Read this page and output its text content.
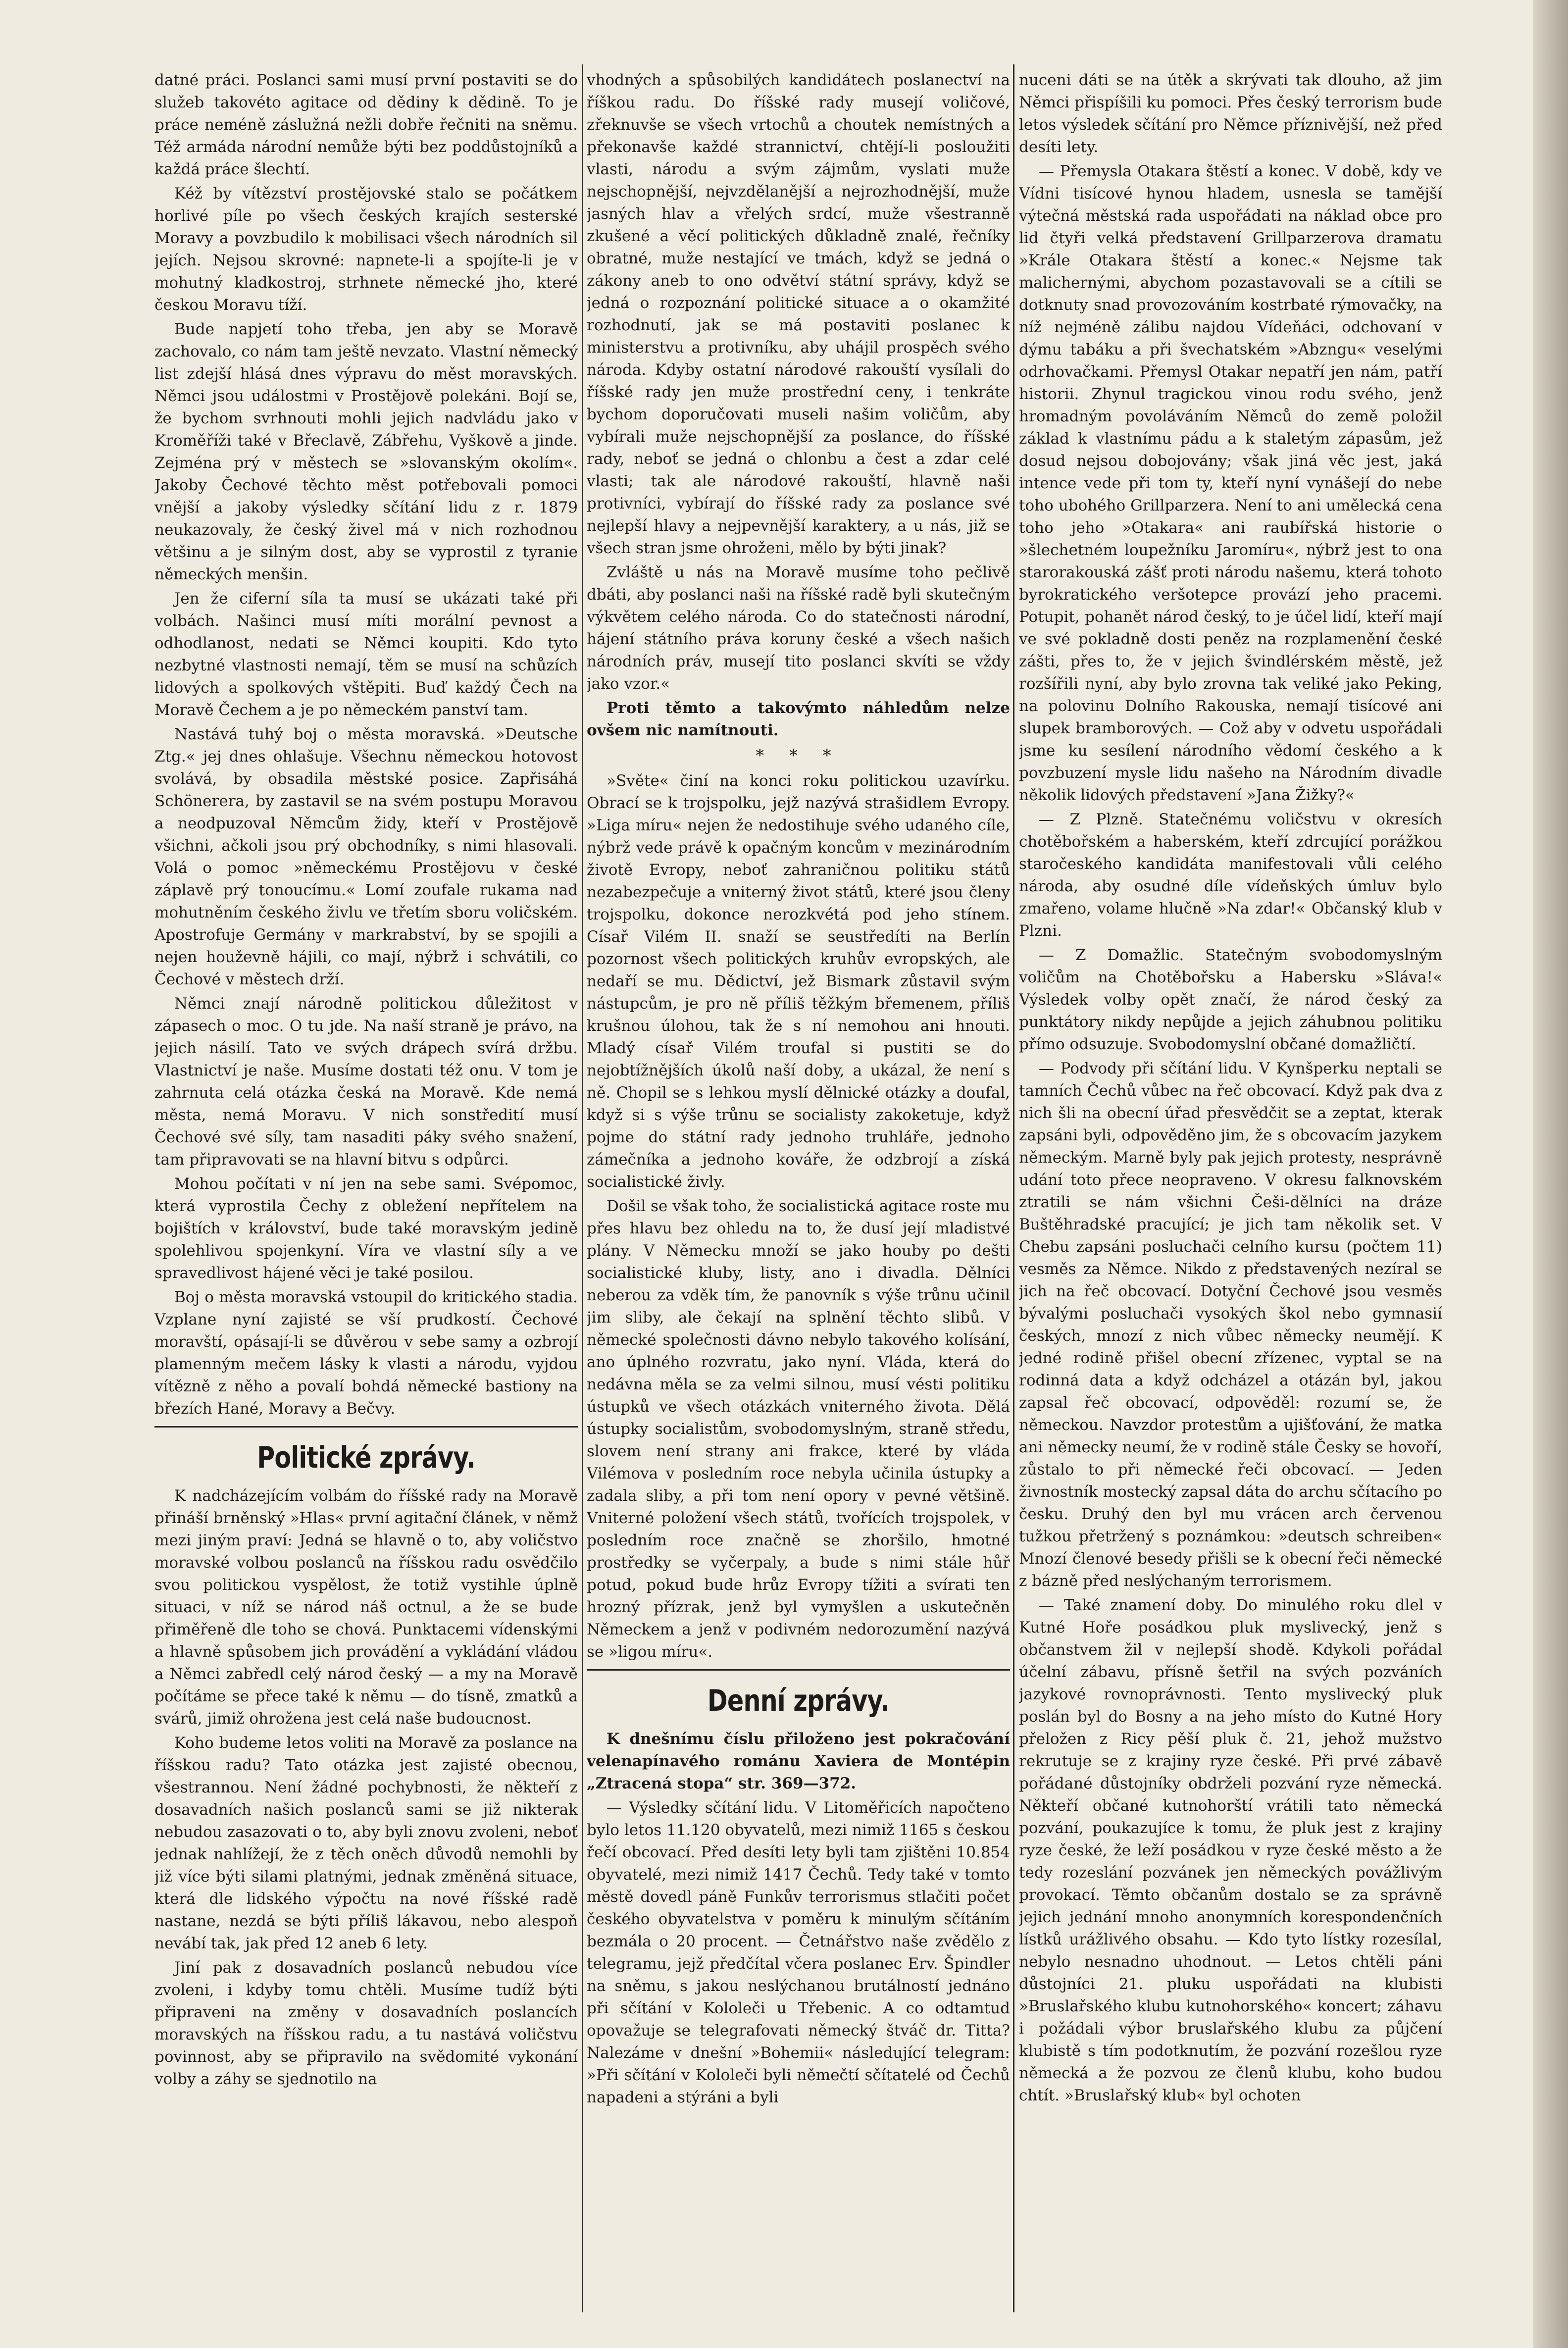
datné práci. Poslanci sami musí první postaviti se do služeb takovéto agitace od dědiny k dědině. To je práce neméně záslužná nežli dobře řečniti na sněmu. Též armáda národní nemůže býti bez poddůstojníků a každá práce šlechtí.

Kéž by vítězství prostějovské stalo se počátkem horlivé píle po všech českých krajích sesterské Moravy a povzbudilo k mobilisaci všech národních sil jejích. Nejsou skrovné: napnete-li a spojíte-li je v mohutný kladkostroj, strhnete německé jho, které českou Moravu tíží.

Bude napjetí toho třeba, jen aby se Moravě zachovalo, co nám tam ještě nevzato. Vlastní německý list zdejší hlásá dnes výpravu do měst moravských. Němci jsou událostmi v Prostějově polekáni. Bojí se, že bychom svrhnouti mohli jejich nadvládu jako v Kroměříži také v Břeclavě, Zábřehu, Vyškově a jinde. Zejména prý v městech se »slovanským okolím«. Jakoby Čechové těchto měst potřebovali pomoci vnější a jakoby výsledky sčítání lidu z r. 1879 neukazovaly, že český živel má v nich rozhodnou většinu a je silným dost, aby se vyprostil z tyranie německých menšin.

Jen že ciferní síla ta musí se ukázati také při volbách. Našinci musí míti morální pevnost a odhodlanost, nedati se Němci koupiti. Kdo tyto nezbytné vlastnosti nemají, těm se musí na schůzích lidových a spolkových vštěpiti. Buď každý Čech na Moravě Čechem a je po německém panství tam.

Nastává tuhý boj o města moravská. »Deutsche Ztg.« jej dnes ohlašuje. Všechnu německou hotovost svolává, by obsadila městské posice. Zapřisáhá Schönerera, by zastavil se na svém postupu Moravou a neodpuzoval Němcům židy, kteří v Prostějově všichni, ačkoli jsou prý obchodníky, s nimi hlasovali. Volá o pomoc »německému Prostějovu v české záplavě prý tonoucímu.« Lomí zoufale rukama nad mohutněním českého živlu ve třetím sboru voličském. Apostrofuje Germány v markrabství, by se spojili a nejen houževně hájili, co mají, nýbrž i schvátili, co Čechové v městech drží.

Němci znají národně politickou důležitost v zápasech o moc. O tu jde. Na naší straně je právo, na jejich násilí. Tato ve svých drápech svírá držbu. Vlastnictví je naše. Musíme dostati též onu. V tom je zahrnuta celá otázka česká na Moravě. Kde nemá města, nemá Moravu. V nich sonstředití musí Čechové své síly, tam nasaditi páky svého snažení, tam připravovati se na hlavní bitvu s odpůrci.

Mohou počítati v ní jen na sebe sami. Svépomoc, která vyprostila Čechy z obležení nepřítelem na bojištích v království, bude také moravským jedině spolehlivou spojenkyní. Víra ve vlastní síly a ve spravedlivost hájené věci je také posilou.

Boj o města moravská vstoupil do kritického stadia. Vzplane nyní zajisté se vší prudkostí. Čechové moravští, opásají-li se důvěrou v sebe samy a ozbrojí plamenným mečem lásky k vlasti a národu, vyjdou vítězně z něho a povalí bohdá německé bastiony na březích Hané, Moravy a Bečvy.

Politické zprávy.

K nadcházejícím volbám do říšské rady na Moravě přináší brněnský »Hlas« první agitační článek, v němž mezi jiným praví: Jedná se hlavně o to, aby voličstvo moravské volbou poslanců na říšskou radu osvědčilo svou politickou vyspělost, že totiž vystihle úplně situaci, v níž se národ náš octnul, a že se bude přiměřeně dle toho se chová. Punktacemi vídenskými a hlavně spůsobem jich provádění a vykládání vládou a Němci zabředl celý národ český — a my na Moravě počítáme se přece také k němu — do tísně, zmatků a svárů, jimiž ohrožena jest celá naše budoucnost.

Koho budeme letos voliti na Moravě za poslance na říšskou radu? Tato otázka jest zajisté obecnou, všestrannou. Není žádné pochybnosti, že někteří z dosavadních našich poslanců sami se již nikterak nebudou zasazovati o to, aby byli znovu zvoleni, neboť jednak nahlížejí, že z těch oněch důvodů nemohli by již více býti silami platnými, jednak změněná situace, která dle lidského výpočtu na nové říšské radě nastane, nezdá se býti příliš lákavou, nebo alespoň nevábí tak, jak před 12 aneb 6 lety.

Jiní pak z dosavadních poslanců nebudou více zvoleni, i kdyby tomu chtěli. Musíme tudíž býti připraveni na změny v dosavadních poslancích moravských na říšskou radu, a tu nastává voličstvu povinnost, aby se připravilo na svědomité vykonání volby a záhy se sjednotilo na

vhodných a spůsobilých kandidátech poslanectví na říškou radu. Do říšské rady musejí voličové, zřeknuvše se všech vrtochů a choutek nemístných a překonavše každé strannictví, chtějí-li posloužiti vlasti, národu a svým zájmům, vyslati muže nejschopnější, nejvzdělanější a nejrozhodnější, muže jasných hlav a vřelých srdcí, muže všestranně zkušené a věcí politických důkladně znalé, řečníky obratné, muže nestající ve tmách, když se jedná o zákony aneb to ono odvětví státní správy, když se jedná o rozpoznání politické situace a o okamžité rozhodnutí, jak se má postaviti poslanec k ministerstvu a protivníku, aby uhájil prospěch svého národa. Kdyby ostatní národové rakouští vysílali do říšské rady jen muže prostřední ceny, i tenkráte bychom doporučovati museli našim voličům, aby vybírali muže nejschopnější za poslance, do říšské rady, neboť se jedná o chlonbu a čest a zdar celé vlasti; tak ale národové rakouští, hlavně naši protivníci, vybírají do říšské rady za poslance své nejlepší hlavy a nejpevnější karaktery, a u nás, již se všech stran jsme ohroženi, mělo by býti jinak?

Zvláště u nás na Moravě musíme toho pečlivě dbáti, aby poslanci naši na říšské radě byli skutečným výkvětem celého národa. Co do statečnosti národní, hájení státního práva koruny české a všech našich národních práv, musejí tito poslanci skvíti se vždy jako vzor.«

Proti těmto a takovýmto náhledům nelze ovšem nic namítnouti.

* * *

»Světe« činí na konci roku politickou uzavírku. Obrací se k trojspolku, jejž nazývá strašidlem Evropy. »Liga míru« nejen že nedostihuje svého udaného cíle, nýbrž vede právě k opačným koncům v mezinárodním životě Evropy, neboť zahraničnou politiku států nezabezpečuje a vniterný život států, které jsou členy trojspolku, dokonce nerozkvétá pod jeho stínem. Císař Vilém II. snaží se seustředíti na Berlín pozornost všech politických kruhův evropských, ale nedaří se mu. Dědictví, jež Bismark zůstavil svým nástupcům, je pro ně příliš těžkým břemenem, příliš krušnou úlohou, tak že s ní nemohou ani hnouti. Mladý císař Vilém troufal si pustiti se do nejobtížnějších úkolů naší doby, a ukázal, že není s ně. Chopil se s lehkou myslí dělnické otázky a doufal, když si s výše trůnu se socialisty zakoketuje, když pojme do státní rady jednoho truhláře, jednoho zámečníka a jednoho kováře, že odzbrojí a získá socialistické živly.

Došil se však toho, že socialistická agitace roste mu přes hlavu bez ohledu na to, že dusí její mladistvé plány. V Německu množí se jako houby po dešti socialistické kluby, listy, ano i divadla. Dělníci neberou za vděk tím, že panovník s výše trůnu učinil jim sliby, ale čekají na splnění těchto slibů. V německé společnosti dávno nebylo takového kolísání, ano úplného rozvratu, jako nyní. Vláda, která do nedávna měla se za velmi silnou, musí vésti politiku ústupků ve všech otázkách vniterného života. Dělá ústupky socialistům, svobodomyslným, straně středu, slovem není strany ani frakce, které by vláda Vilémova v posledním roce nebyla učinila ústupky a zadala sliby, a při tom není opory v pevné většině. Vniterné položení všech států, tvořících trojspolek, v posledním roce značně se zhoršilo, hmotné prostředky se vyčerpaly, a bude s nimi stále hůř potud, pokud bude hrůz Evropy tížiti a svírati ten hrozný přízrak, jenž byl vymyšlen a uskutečněn Německem a jenž v podivném nedorozumění nazývá se »ligou míru«.

Denní zprávy.

K dnešnímu číslu přiloženo jest pokračování velenapínavého románu Xaviera de Montépin „Ztracená stopa“ str. 369—372.

— Výsledky sčítání lidu. V Litoměřicích napočteno bylo letos 11.120 obyvatelů, mezi nimiž 1165 s českou řečí obcovací. Před desíti lety byli tam zjištěni 10.854 obyvatelé, mezi nimiž 1417 Čechů. Tedy také v tomto městě dovedl páně Funkův terrorismus stlačiti počet českého obyvatelstva v poměru k minulým sčítáním bezmála o 20 procent. — Četnářstvo naše zvědělo z telegramu, jejž předčítal včera poslanec Erv. Špindler na sněmu, s jakou neslýchanou brutálností jednáno při sčítání v Kololeči u Třebenic. A co odtamtud opovažuje se telegrafovati německý štváč dr. Titta? Nalezáme v dnešní »Bohemii« následující telegram: »Při sčítání v Kololeči byli němečtí sčítatelé od Čechů napadeni a stýráni a byli

nuceni dáti se na útěk a skrývati tak dlouho, až jim Němci přispíšili ku pomoci. Přes český terrorism bude letos výsledek sčítání pro Němce příznivější, než před desíti lety.

— Přemysla Otakara štěstí a konec. V době, kdy ve Vídni tisícové hynou hladem, usnesla se tamější výtečná městská rada uspořádati na náklad obce pro lid čtyři velká představení Grillparzerova dramatu »Krále Otakara štěstí a konec.« Nejsme tak malichernými, abychom pozastavovali se a cítili se dotknuty snad provozováním kostrbaté rýmovačky, na níž nejméně zálibu najdou Vídeňáci, odchovaní v dýmu tabáku a při švechatském »Abzngu« veselými odrhovačkami. Přemysl Otakar nepatří jen nám, patří historii. Zhynul tragickou vinou rodu svého, jenž hromadným povoláváním Němců do země položil základ k vlastnímu pádu a k staletým zápasům, jež dosud nejsou dobojovány; však jiná věc jest, jaká intence vede při tom ty, kteří nyní vynášejí do nebe toho ubohého Grillparzera. Není to ani umělecká cena toho jeho »Otakara« ani raubířská historie o »šlechetném loupežníku Jaromíru«, nýbrž jest to ona starorakouská zášť proti národu našemu, která tohoto byrokratického veršotepce provází jeho pracemi. Potupit, pohanět národ český, to je účel lidí, kteří mají ve své pokladně dosti peněz na rozplamenění české zášti, přes to, že v jejich švindlérském městě, jež rozšířili nyní, aby bylo zrovna tak veliké jako Peking, na polovinu Dolního Rakouska, nemají tisícové ani slupek bramborových. — Což aby v odvetu uspořádali jsme ku sesílení národního vědomí českého a k povzbuzení mysle lidu našeho na Národním divadle několik lidových představení »Jana Žižky?«

— Z Plzně. Statečnému voličstvu v okresích chotěbořském a haberském, kteří zdrcující porážkou staročeského kandidáta manifestovali vůli celého národa, aby osudné díle vídeňských úmluv bylo zmařeno, volame hlučně »Na zdar!« Občanský klub v Plzni.

— Z Domažlic. Statečným svobodomyslným voličům na Chotěbořsku a Habersku »Sláva!« Výsledek volby opět značí, že národ český za punktátory nikdy nepůjde a jejich záhubnou politiku přímo odsuzuje. Svobodomyslní občané domažličtí.

— Podvody při sčítání lidu. V Kynšperku neptali se tamních Čechů vůbec na řeč obcovací. Když pak dva z nich šli na obecní úřad přesvědčit se a zeptat, kterak zapsáni byli, odpověděno jim, že s obcovacím jazykem německým. Marně byly pak jejich protesty, nesprávně udání toto přece neopraveno. V okresu falknovském ztratili se nám všichni Češi-dělníci na dráze Buštěhradské pracující; je jich tam několik set. V Chebu zapsáni posluchači celního kursu (počtem 11) vesměs za Němce. Nikdo z představených nezíral se jich na řeč obcovací. Dotyční Čechové jsou vesměs bývalými posluchači vysokých škol nebo gymnasií českých, mnozí z nich vůbec německy neumějí. K jedné rodině přišel obecní zřízenec, vyptal se na rodinná data a když odcházel a otázán byl, jakou zapsal řeč obcovací, odpověděl: rozumí se, že německou. Navzdor protestům a ujišťování, že matka ani německy neumí, že v rodině stále Česky se hovoří, zůstalo to při německé řeči obcovací. — Jeden živnostník mostecký zapsal dáta do archu sčítacího po česku. Druhý den byl mu vrácen arch červenou tužkou přetržený s poznámkou: »deutsch schreiben« Mnozí členové besedy přišli se k obecní řeči německé z bázně před neslýchaným terrorismem.

— Také znamení doby. Do minulého roku dlel v Kutné Hoře posádkou pluk myslivecký, jenž s občanstvem žil v nejlepší shodě. Kdykoli pořádal účelní zábavu, přísně šetřil na svých pozváních jazykové rovnoprávnosti. Tento myslivecký pluk poslán byl do Bosny a na jeho místo do Kutné Hory přeložen z Ricy pěší pluk č. 21, jehož mužstvo rekrutuje se z krajiny ryze české. Při prvé zábavě pořádané důstojníky obdrželi pozvání ryze německá. Někteří občané kutnohorští vrátili tato německá pozvání, poukazujíce k tomu, že pluk jest z krajiny ryze české, že leží posádkou v ryze české město a že tedy rozeslání pozvánek jen německých povážlivým provokací. Těmto občanům dostalo se za správně jejich jednání mnoho anonymních korespondenčních lístků urážlivého obsahu. — Kdo tyto lístky rozesílal, nebylo nesnadno uhodnout. — Letos chtěli páni důstojníci 21. pluku uspořádati na klubisti »Bruslařského klubu kutnohorského« koncert; záhavu i požádali výbor bruslařského klubu za půjčení klubistě s tím podotknutím, že pozvání rozešlou ryze německá a že pozvou ze členů klubu, koho budou chtít. »Bruslařský klub« byl ochoten
